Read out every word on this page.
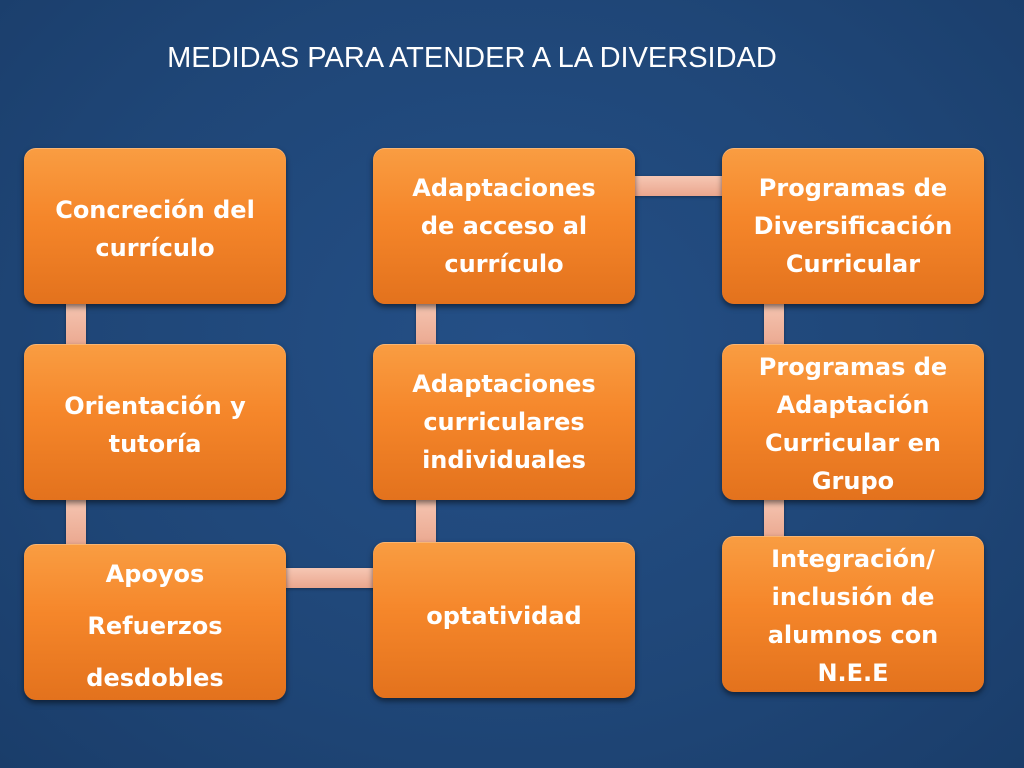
MEDIDAS PARA ATENDER A LA DIVERSIDAD
Concreción del
currículo
Orientación y
tutoría
Apoyos
Refuerzos
desdobles
Adaptaciones
de acceso al
currículo
Adaptaciones
curriculares
individuales
optatividad
Programas de
Diversificación
Curricular
Programas de
Adaptación
Curricular en
Grupo
Integración/
inclusión de
alumnos con
N.E.E
